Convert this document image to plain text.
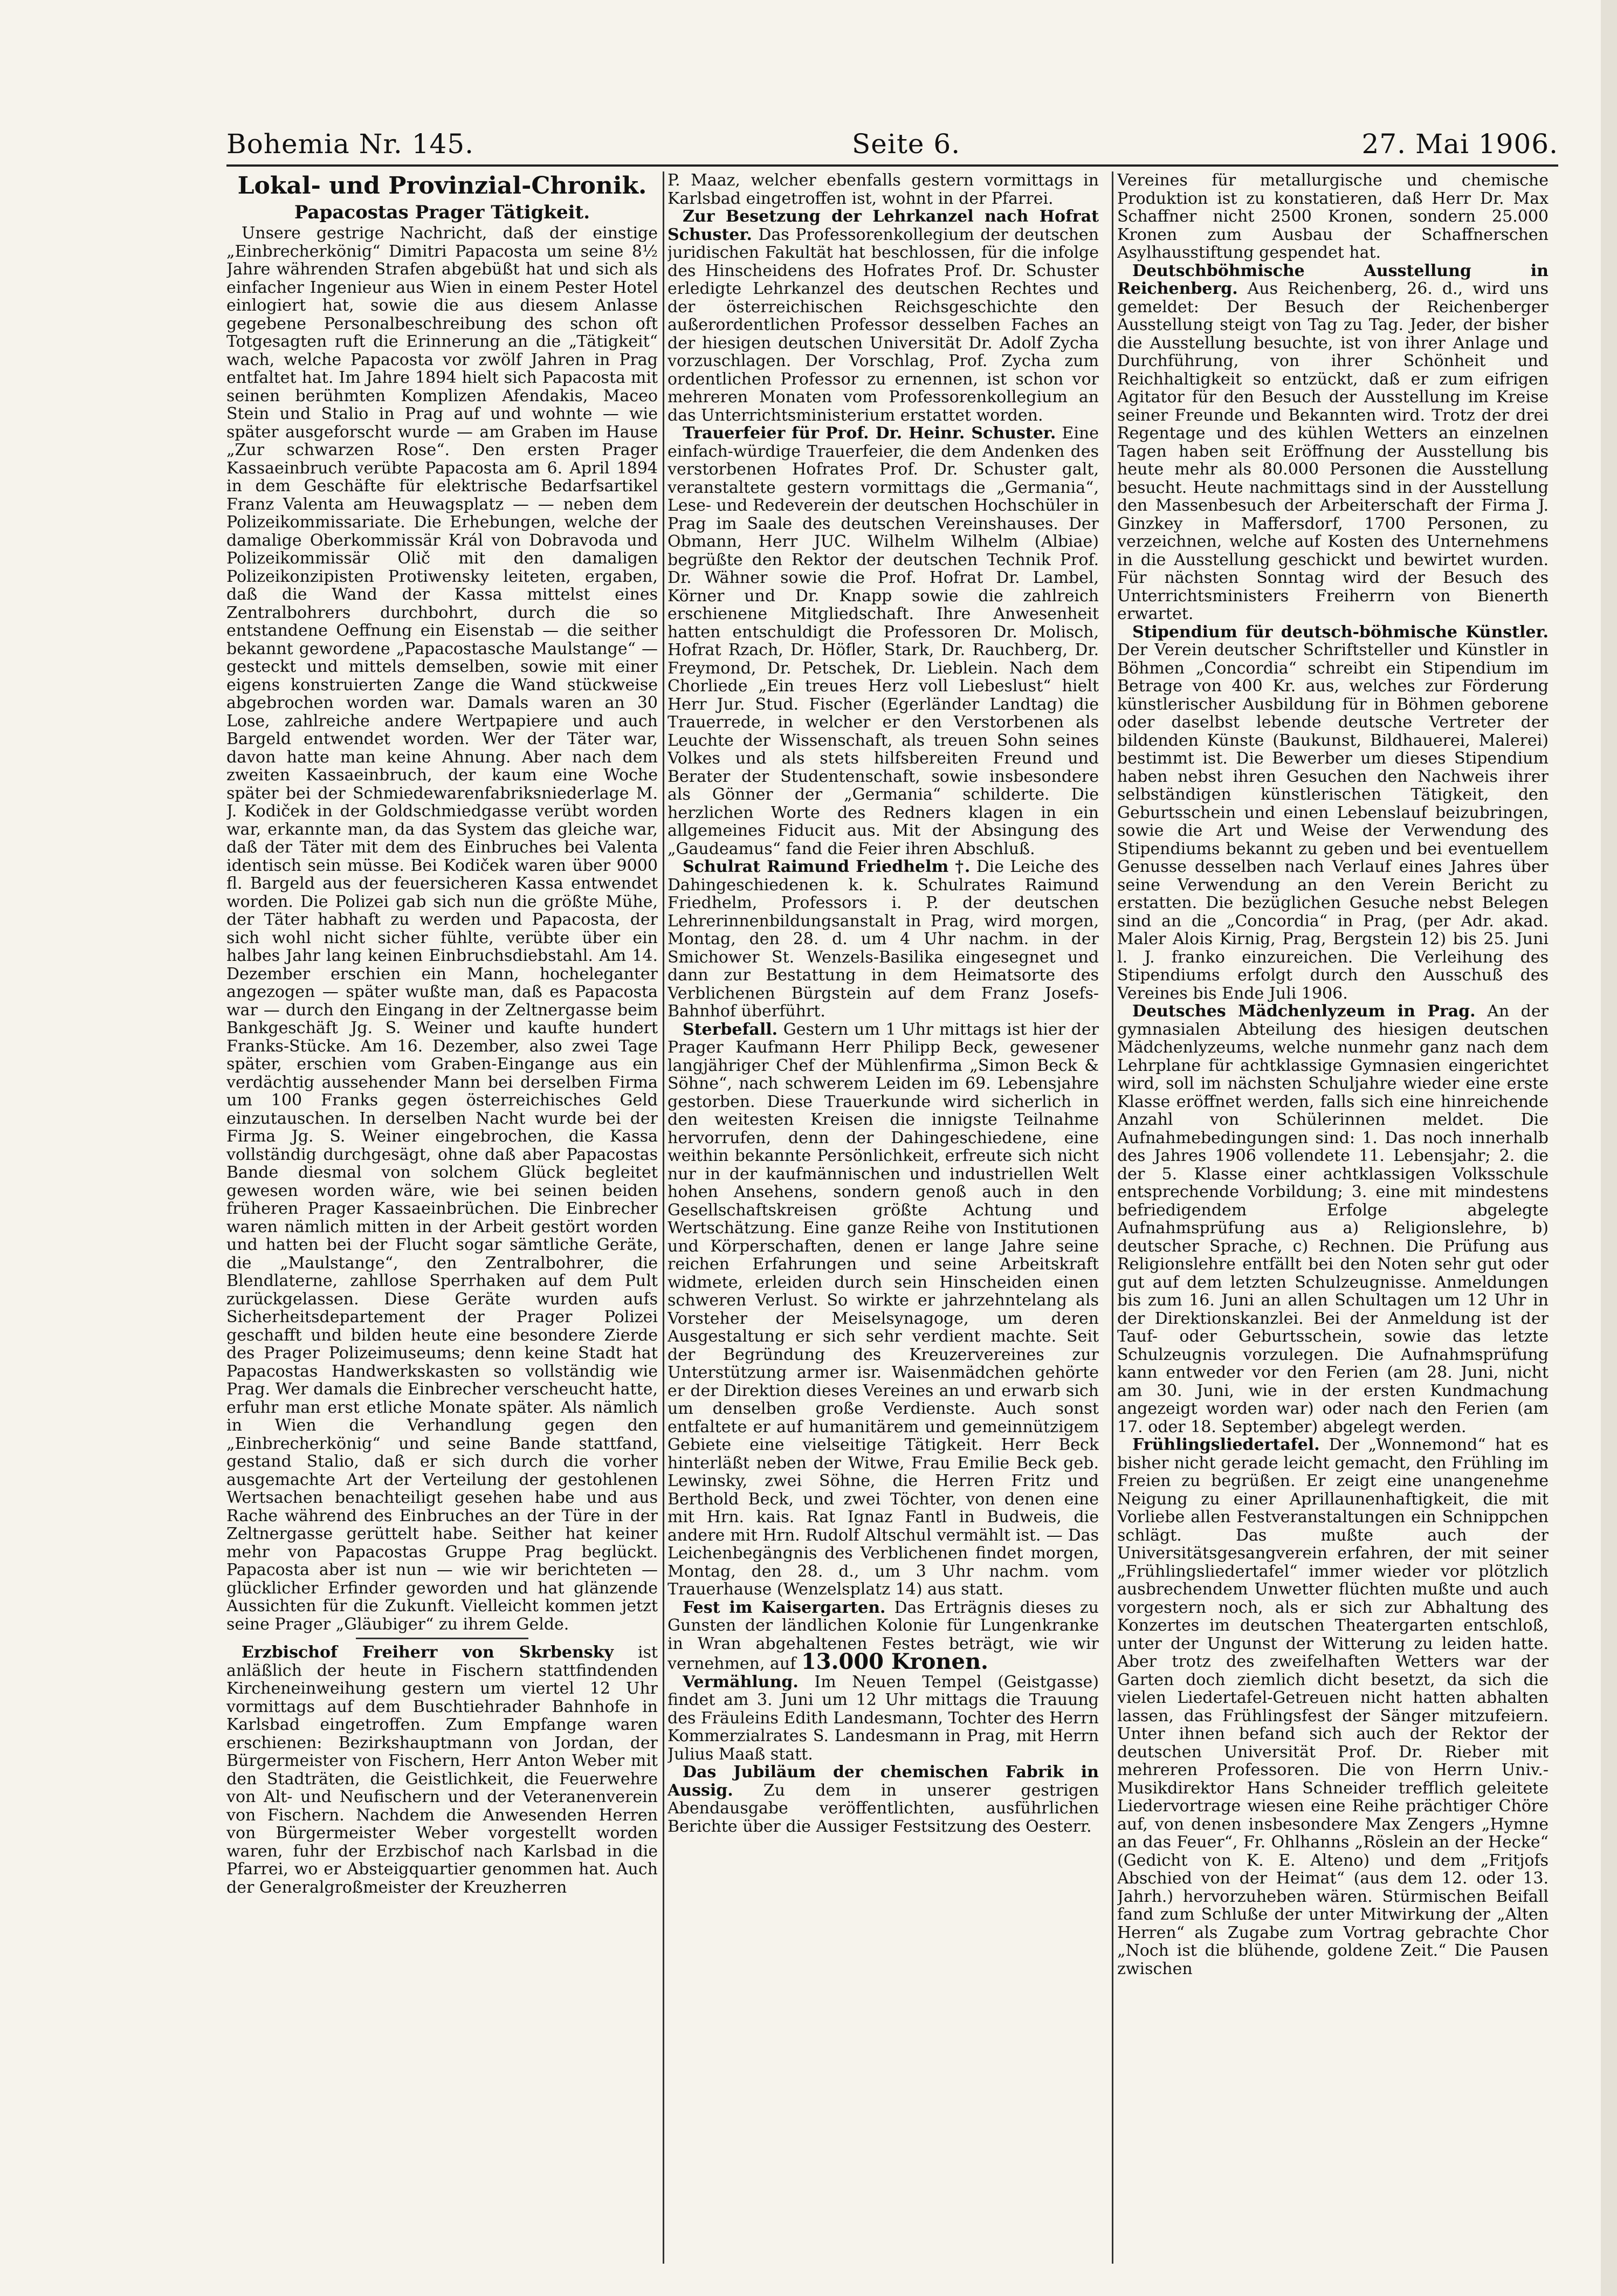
Bohemia Nr. 145.	Seite 6.	27. Mai 1906.
Lokal- und Provinzial-Chronik.
Papacostas Prager Tätigkeit.

Unsere gestrige Nachricht, daß der einstige „Einbrecherkönig“ Dimitri Papacosta um seine 8½ Jahre währenden Strafen abgebüßt hat und sich als einfacher Ingenieur aus Wien in einem Pester Hotel einlogiert hat, sowie die aus diesem Anlasse gegebene Personalbeschreibung des schon oft Totgesagten ruft die Erinnerung an die „Tätigkeit“ wach, welche Papacosta vor zwölf Jahren in Prag entfaltet hat. Im Jahre 1894 hielt sich Papacosta mit seinen berühmten Komplizen Afendakis, Maceo Stein und Stalio in Prag auf und wohnte — wie später ausgeforscht wurde — am Graben im Hause „Zur schwarzen Rose“. Den ersten Prager Kassaeinbruch verübte Papacosta am 6. April 1894 in dem Geschäfte für elektrische Bedarfsartikel Franz Valenta am Heuwagsplatz — — neben dem Polizeikommissariate. Die Erhebungen, welche der damalige Oberkommissär Král von Dobravoda und Polizeikommissär Olič mit den damaligen Polizeikonzipisten Protiwensky leiteten, ergaben, daß die Wand der Kassa mittelst eines Zentralbohrers durchbohrt, durch die so entstandene Oeffnung ein Eisenstab — die seither bekannt gewordene „Papacostasche Maulstange“ — gesteckt und mittels demselben, sowie mit einer eigens konstruierten Zange die Wand stückweise abgebrochen worden war. Damals waren an 30 Lose, zahlreiche andere Wertpapiere und auch Bargeld entwendet worden. Wer der Täter war, davon hatte man keine Ahnung. Aber nach dem zweiten Kassaeinbruch, der kaum eine Woche später bei der Schmiedewarenfabriksniederlage M. J. Kodiček in der Goldschmiedgasse verübt worden war, erkannte man, da das System das gleiche war, daß der Täter mit dem des Einbruches bei Valenta identisch sein müsse. Bei Kodiček waren über 9000 fl. Bargeld aus der feuersicheren Kassa entwendet worden. Die Polizei gab sich nun die größte Mühe, der Täter habhaft zu werden und Papacosta, der sich wohl nicht sicher fühlte, verübte über ein halbes Jahr lang keinen Einbruchsdiebstahl. Am 14. Dezember erschien ein Mann, hocheleganter angezogen — später wußte man, daß es Papacosta war — durch den Eingang in der Zeltnergasse beim Bankgeschäft Jg. S. Weiner und kaufte hundert Franks-Stücke. Am 16. Dezember, also zwei Tage später, erschien vom Graben-Eingange aus ein verdächtig aussehender Mann bei derselben Firma um 100 Franks gegen österreichisches Geld einzutauschen. In derselben Nacht wurde bei der Firma Jg. S. Weiner eingebrochen, die Kassa vollständig durchgesägt, ohne daß aber Papacostas Bande diesmal von solchem Glück begleitet gewesen worden wäre, wie bei seinen beiden früheren Prager Kassaeinbrüchen. Die Einbrecher waren nämlich mitten in der Arbeit gestört worden und hatten bei der Flucht sogar sämtliche Geräte, die „Maulstange“, den Zentralbohrer, die Blendlaterne, zahllose Sperrhaken auf dem Pult zurückgelassen. Diese Geräte wurden aufs Sicherheitsdepartement der Prager Polizei geschafft und bilden heute eine besondere Zierde des Prager Polizeimuseums; denn keine Stadt hat Papacostas Handwerkskasten so vollständig wie Prag. Wer damals die Einbrecher verscheucht hatte, erfuhr man erst etliche Monate später. Als nämlich in Wien die Verhandlung gegen den „Einbrecherkönig“ und seine Bande stattfand, gestand Stalio, daß er sich durch die vorher ausgemachte Art der Verteilung der gestohlenen Wertsachen benachteiligt gesehen habe und aus Rache während des Einbruches an der Türe in der Zeltnergasse gerüttelt habe. Seither hat keiner mehr von Papacostas Gruppe Prag beglückt. Papacosta aber ist nun — wie wir berichteten — glücklicher Erfinder geworden und hat glänzende Aussichten für die Zukunft. Vielleicht kommen jetzt seine Prager „Gläubiger“ zu ihrem Gelde.

Erzbischof Freiherr von Skrbensky ist anläßlich der heute in Fischern stattfindenden Kircheneinweihung gestern um viertel 12 Uhr vormittags auf dem Buschtiehrader Bahnhofe in Karlsbad eingetroffen. Zum Empfange waren erschienen: Bezirkshauptmann von Jordan, der Bürgermeister von Fischern, Herr Anton Weber mit den Stadträten, die Geistlichkeit, die Feuerwehre von Alt- und Neufischern und der Veteranenverein von Fischern. Nachdem die Anwesenden Herren von Bürgermeister Weber vorgestellt worden waren, fuhr der Erzbischof nach Karlsbad in die Pfarrei, wo er Absteigquartier genommen hat. Auch der Generalgroßmeister der Kreuzherren

P. Maaz, welcher ebenfalls gestern vormittags in Karlsbad eingetroffen ist, wohnt in der Pfarrei.

Zur Besetzung der Lehrkanzel nach Hofrat Schuster. Das Professorenkollegium der deutschen juridischen Fakultät hat beschlossen, für die infolge des Hinscheidens des Hofrates Prof. Dr. Schuster erledigte Lehrkanzel des deutschen Rechtes und der österreichischen Reichsgeschichte den außerordentlichen Professor desselben Faches an der hiesigen deutschen Universität Dr. Adolf Zycha vorzuschlagen. Der Vorschlag, Prof. Zycha zum ordentlichen Professor zu ernennen, ist schon vor mehreren Monaten vom Professorenkollegium an das Unterrichtsministerium erstattet worden.

Trauerfeier für Prof. Dr. Heinr. Schuster. Eine einfach-würdige Trauerfeier, die dem Andenken des verstorbenen Hofrates Prof. Dr. Schuster galt, veranstaltete gestern vormittags die „Germania“, Lese- und Redeverein der deutschen Hochschüler in Prag im Saale des deutschen Vereinshauses. Der Obmann, Herr JUC. Wilhelm Wilhelm (Albiae) begrüßte den Rektor der deutschen Technik Prof. Dr. Wähner sowie die Prof. Hofrat Dr. Lambel, Körner und Dr. Knapp sowie die zahlreich erschienene Mitgliedschaft. Ihre Anwesenheit hatten entschuldigt die Professoren Dr. Molisch, Hofrat Rzach, Dr. Höfler, Stark, Dr. Rauchberg, Dr. Freymond, Dr. Petschek, Dr. Lieblein. Nach dem Chorliede „Ein treues Herz voll Liebeslust“ hielt Herr Jur. Stud. Fischer (Egerländer Landtag) die Trauerrede, in welcher er den Verstorbenen als Leuchte der Wissenschaft, als treuen Sohn seines Volkes und als stets hilfsbereiten Freund und Berater der Studentenschaft, sowie insbesondere als Gönner der „Germania“ schilderte. Die herzlichen Worte des Redners klagen in ein allgemeines Fiducit aus. Mit der Absingung des „Gaudeamus“ fand die Feier ihren Abschluß.

Schulrat Raimund Friedhelm †. Die Leiche des Dahingeschiedenen k. k. Schulrates Raimund Friedhelm, Professors i. P. der deutschen Lehrerinnenbildungsanstalt in Prag, wird morgen, Montag, den 28. d. um 4 Uhr nachm. in der Smichower St. Wenzels-Basilika eingesegnet und dann zur Bestattung in dem Heimatsorte des Verblichenen Bürgstein auf dem Franz Josefs-Bahnhof überführt.

Sterbefall. Gestern um 1 Uhr mittags ist hier der Prager Kaufmann Herr Philipp Beck, gewesener langjähriger Chef der Mühlenfirma „Simon Beck & Söhne“, nach schwerem Leiden im 69. Lebensjahre gestorben. Diese Trauerkunde wird sicherlich in den weitesten Kreisen die innigste Teilnahme hervorrufen, denn der Dahingeschiedene, eine weithin bekannte Persönlichkeit, erfreute sich nicht nur in der kaufmännischen und industriellen Welt hohen Ansehens, sondern genoß auch in den Gesellschaftskreisen größte Achtung und Wertschätzung. Eine ganze Reihe von Institutionen und Körperschaften, denen er lange Jahre seine reichen Erfahrungen und seine Arbeitskraft widmete, erleiden durch sein Hinscheiden einen schweren Verlust. So wirkte er jahrzehntelang als Vorsteher der Meiselsynagoge, um deren Ausgestaltung er sich sehr verdient machte. Seit der Begründung des Kreuzervereines zur Unterstützung armer isr. Waisenmädchen gehörte er der Direktion dieses Vereines an und erwarb sich um denselben große Verdienste. Auch sonst entfaltete er auf humanitärem und gemeinnützigem Gebiete eine vielseitige Tätigkeit. Herr Beck hinterläßt neben der Witwe, Frau Emilie Beck geb. Lewinsky, zwei Söhne, die Herren Fritz und Berthold Beck, und zwei Töchter, von denen eine mit Hrn. kais. Rat Ignaz Fantl in Budweis, die andere mit Hrn. Rudolf Altschul vermählt ist. — Das Leichenbegängnis des Verblichenen findet morgen, Montag, den 28. d., um 3 Uhr nachm. vom Trauerhause (Wenzelsplatz 14) aus statt.

Fest im Kaisergarten. Das Erträgnis dieses zu Gunsten der ländlichen Kolonie für Lungenkranke in Wran abgehaltenen Festes beträgt, wie wir vernehmen, auf 13.000 Kronen.

Vermählung. Im Neuen Tempel (Geistgasse) findet am 3. Juni um 12 Uhr mittags die Trauung des Fräuleins Edith Landesmann, Tochter des Herrn Kommerzialrates S. Landesmann in Prag, mit Herrn Julius Maaß statt.

Das Jubiläum der chemischen Fabrik in Aussig. Zu dem in unserer gestrigen Abendausgabe veröffentlichten, ausführlichen Berichte über die Aussiger Festsitzung des Oesterr.

Vereines für metallurgische und chemische Produktion ist zu konstatieren, daß Herr Dr. Max Schaffner nicht 2500 Kronen, sondern 25.000 Kronen zum Ausbau der Schaffnerschen Asylhausstiftung gespendet hat.

Deutschböhmische Ausstellung in Reichenberg. Aus Reichenberg, 26. d., wird uns gemeldet: Der Besuch der Reichenberger Ausstellung steigt von Tag zu Tag. Jeder, der bisher die Ausstellung besuchte, ist von ihrer Anlage und Durchführung, von ihrer Schönheit und Reichhaltigkeit so entzückt, daß er zum eifrigen Agitator für den Besuch der Ausstellung im Kreise seiner Freunde und Bekannten wird. Trotz der drei Regentage und des kühlen Wetters an einzelnen Tagen haben seit Eröffnung der Ausstellung bis heute mehr als 80.000 Personen die Ausstellung besucht. Heute nachmittags sind in der Ausstellung den Massenbesuch der Arbeiterschaft der Firma J. Ginzkey in Maffersdorf, 1700 Personen, zu verzeichnen, welche auf Kosten des Unternehmens in die Ausstellung geschickt und bewirtet wurden. Für nächsten Sonntag wird der Besuch des Unterrichtsministers Freiherrn von Bienerth erwartet.

Stipendium für deutsch-böhmische Künstler. Der Verein deutscher Schriftsteller und Künstler in Böhmen „Concordia“ schreibt ein Stipendium im Betrage von 400 Kr. aus, welches zur Förderung künstlerischer Ausbildung für in Böhmen geborene oder daselbst lebende deutsche Vertreter der bildenden Künste (Baukunst, Bildhauerei, Malerei) bestimmt ist. Die Bewerber um dieses Stipendium haben nebst ihren Gesuchen den Nachweis ihrer selbständigen künstlerischen Tätigkeit, den Geburtsschein und einen Lebenslauf beizubringen, sowie die Art und Weise der Verwendung des Stipendiums bekannt zu geben und bei eventuellem Genusse desselben nach Verlauf eines Jahres über seine Verwendung an den Verein Bericht zu erstatten. Die bezüglichen Gesuche nebst Belegen sind an die „Concordia“ in Prag, (per Adr. akad. Maler Alois Kirnig, Prag, Bergstein 12) bis 25. Juni l. J. franko einzureichen. Die Verleihung des Stipendiums erfolgt durch den Ausschuß des Vereines bis Ende Juli 1906.

Deutsches Mädchenlyzeum in Prag. An der gymnasialen Abteilung des hiesigen deutschen Mädchenlyzeums, welche nunmehr ganz nach dem Lehrplane für achtklassige Gymnasien eingerichtet wird, soll im nächsten Schuljahre wieder eine erste Klasse eröffnet werden, falls sich eine hinreichende Anzahl von Schülerinnen meldet. Die Aufnahmebedingungen sind: 1. Das noch innerhalb des Jahres 1906 vollendete 11. Lebensjahr; 2. die der 5. Klasse einer achtklassigen Volksschule entsprechende Vorbildung; 3. eine mit mindestens befriedigendem Erfolge abgelegte Aufnahmsprüfung aus a) Religionslehre, b) deutscher Sprache, c) Rechnen. Die Prüfung aus Religionslehre entfällt bei den Noten sehr gut oder gut auf dem letzten Schulzeugnisse. Anmeldungen bis zum 16. Juni an allen Schultagen um 12 Uhr in der Direktionskanzlei. Bei der Anmeldung ist der Tauf- oder Geburtsschein, sowie das letzte Schulzeugnis vorzulegen. Die Aufnahmsprüfung kann entweder vor den Ferien (am 28. Juni, nicht am 30. Juni, wie in der ersten Kundmachung angezeigt worden war) oder nach den Ferien (am 17. oder 18. September) abgelegt werden.

Frühlingsliedertafel. Der „Wonnemond“ hat es bisher nicht gerade leicht gemacht, den Frühling im Freien zu begrüßen. Er zeigt eine unangenehme Neigung zu einer Aprillaunenhaftigkeit, die mit Vorliebe allen Festveranstaltungen ein Schnippchen schlägt. Das mußte auch der Universitätsgesangverein erfahren, der mit seiner „Frühlingsliedertafel“ immer wieder vor plötzlich ausbrechendem Unwetter flüchten mußte und auch vorgestern noch, als er sich zur Abhaltung des Konzertes im deutschen Theatergarten entschloß, unter der Ungunst der Witterung zu leiden hatte. Aber trotz des zweifelhaften Wetters war der Garten doch ziemlich dicht besetzt, da sich die vielen Liedertafel-Getreuen nicht hatten abhalten lassen, das Frühlingsfest der Sänger mitzufeiern. Unter ihnen befand sich auch der Rektor der deutschen Universität Prof. Dr. Rieber mit mehreren Professoren. Die von Herrn Univ.-Musikdirektor Hans Schneider trefflich geleitete Liedervortrage wiesen eine Reihe prächtiger Chöre auf, von denen insbesondere Max Zengers „Hymne an das Feuer“, Fr. Ohlhanns „Röslein an der Hecke“ (Gedicht von K. E. Alteno) und dem „Fritjofs Abschied von der Heimat“ (aus dem 12. oder 13. Jahrh.) hervorzuheben wären. Stürmischen Beifall fand zum Schluße der unter Mitwirkung der „Alten Herren“ als Zugabe zum Vortrag gebrachte Chor „Noch ist die blühende, goldene Zeit.“ Die Pausen zwischen
